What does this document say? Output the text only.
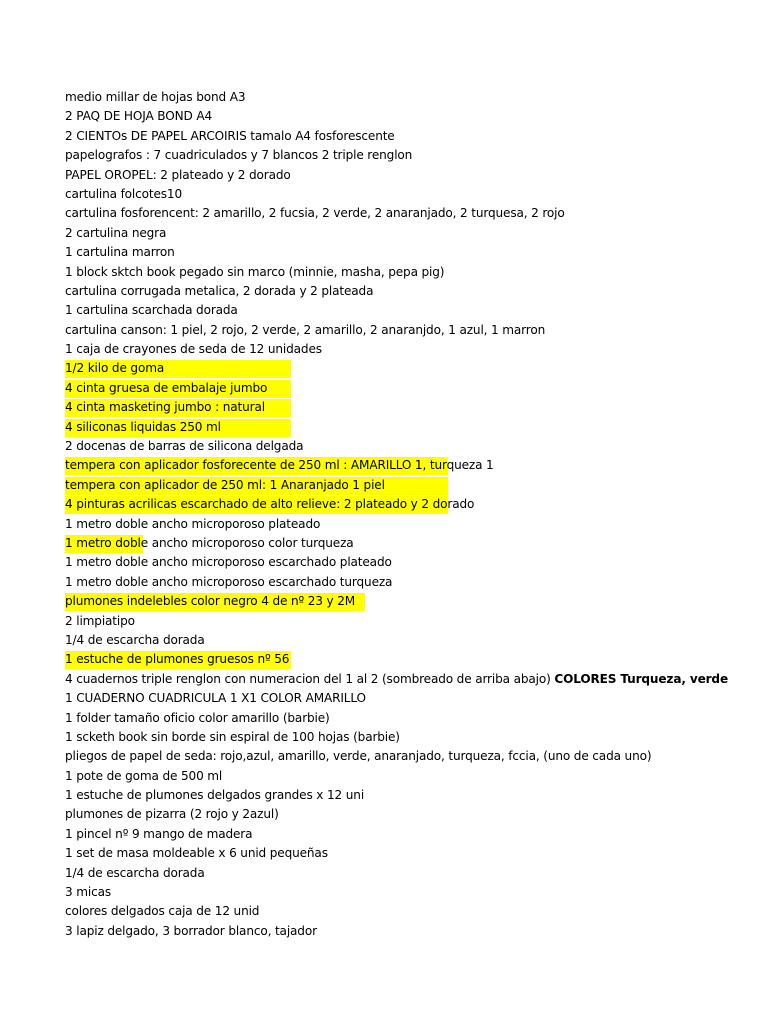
medio millar de hojas bond A3
2 PAQ DE HOJA BOND A4
2 CIENTOs DE PAPEL ARCOIRIS tamalo A4 fosforescente
papelografos : 7 cuadriculados y 7 blancos 2 triple renglon
PAPEL OROPEL: 2 plateado y 2 dorado
cartulina folcotes10
cartulina fosforencent: 2 amarillo, 2 fucsia, 2 verde, 2 anaranjado, 2 turquesa, 2 rojo
2 cartulina negra
1 cartulina marron
1 block sktch book pegado sin marco (minnie, masha, pepa pig)
cartulina corrugada metalica, 2 dorada y 2 plateada
1 cartulina scarchada dorada
cartulina canson: 1 piel, 2 rojo, 2 verde, 2 amarillo, 2 anaranjdo, 1 azul, 1 marron
1 caja de crayones de seda de 12 unidades
1/2 kilo de goma
4 cinta gruesa de embalaje jumbo
4 cinta masketing jumbo : natural
4 siliconas liquidas 250 ml
2 docenas de barras de silicona delgada
tempera con aplicador fosforecente de 250 ml : AMARILLO 1, turqueza 1
tempera con aplicador de 250 ml: 1 Anaranjado 1 piel
4 pinturas acrilicas escarchado de alto relieve: 2 plateado y 2 dorado
1 metro doble ancho microporoso plateado
1 metro doble ancho microporoso color turqueza
1 metro doble ancho microporoso escarchado plateado
1 metro doble ancho microporoso escarchado turqueza
plumones indelebles color negro 4 de nº 23 y 2M
2 limpiatipo
1/4 de escarcha dorada
1 estuche de plumones gruesos nº 56
4 cuadernos triple renglon con numeracion del 1 al 2 (sombreado de arriba abajo) COLORES Turqueza, verde
1 CUADERNO CUADRICULA 1 X1 COLOR AMARILLO
1 folder tamaño oficio color amarillo (barbie)
1 scketh book sin borde sin espiral de 100 hojas (barbie)
pliegos de papel de seda: rojo,azul, amarillo, verde, anaranjado, turqueza, fccia, (uno de cada uno)
1 pote de goma de 500 ml
1 estuche de plumones delgados grandes x 12 uni
plumones de pizarra (2 rojo y 2azul)
1 pincel nº 9 mango de madera
1 set de masa moldeable x 6 unid pequeñas
1/4 de escarcha dorada
3 micas
colores delgados caja de 12 unid
3 lapiz delgado, 3 borrador blanco, tajador
